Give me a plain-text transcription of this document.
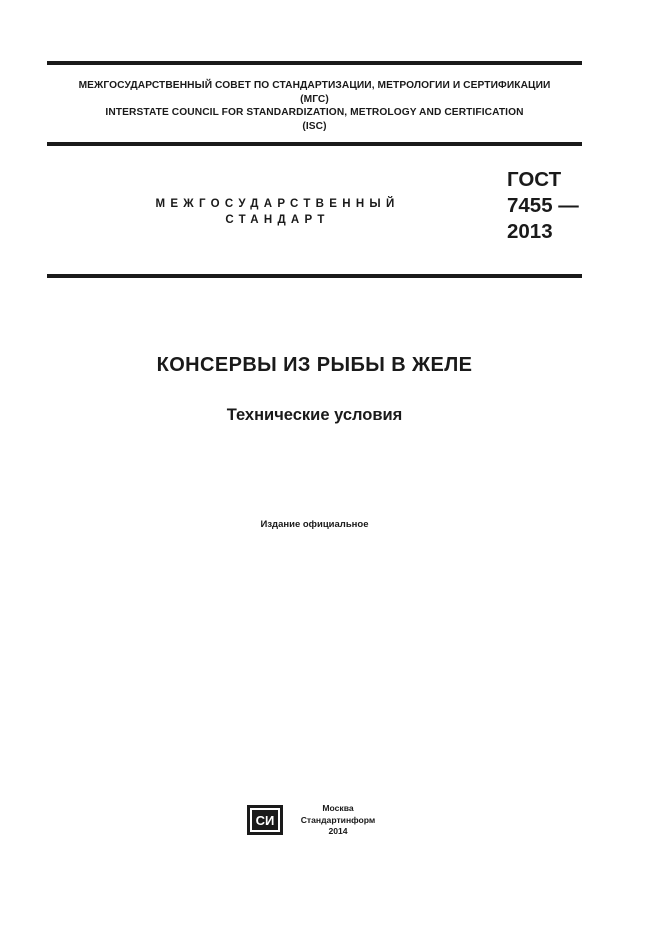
МЕЖГОСУДАРСТВЕННЫЙ СОВЕТ ПО СТАНДАРТИЗАЦИИ, МЕТРОЛОГИИ И СЕРТИФИКАЦИИ
(МГС)
INTERSTATE COUNCIL FOR STANDARDIZATION, METROLOGY AND CERTIFICATION
(ISC)
МЕЖГОСУДАРСТВЕННЫЙ
СТАНДАРТ
ГОСТ
7455 —
2013
КОНСЕРВЫ ИЗ РЫБЫ В ЖЕЛЕ
Технические условия
Издание официальное
СИ
Москва
Стандартинформ
2014
